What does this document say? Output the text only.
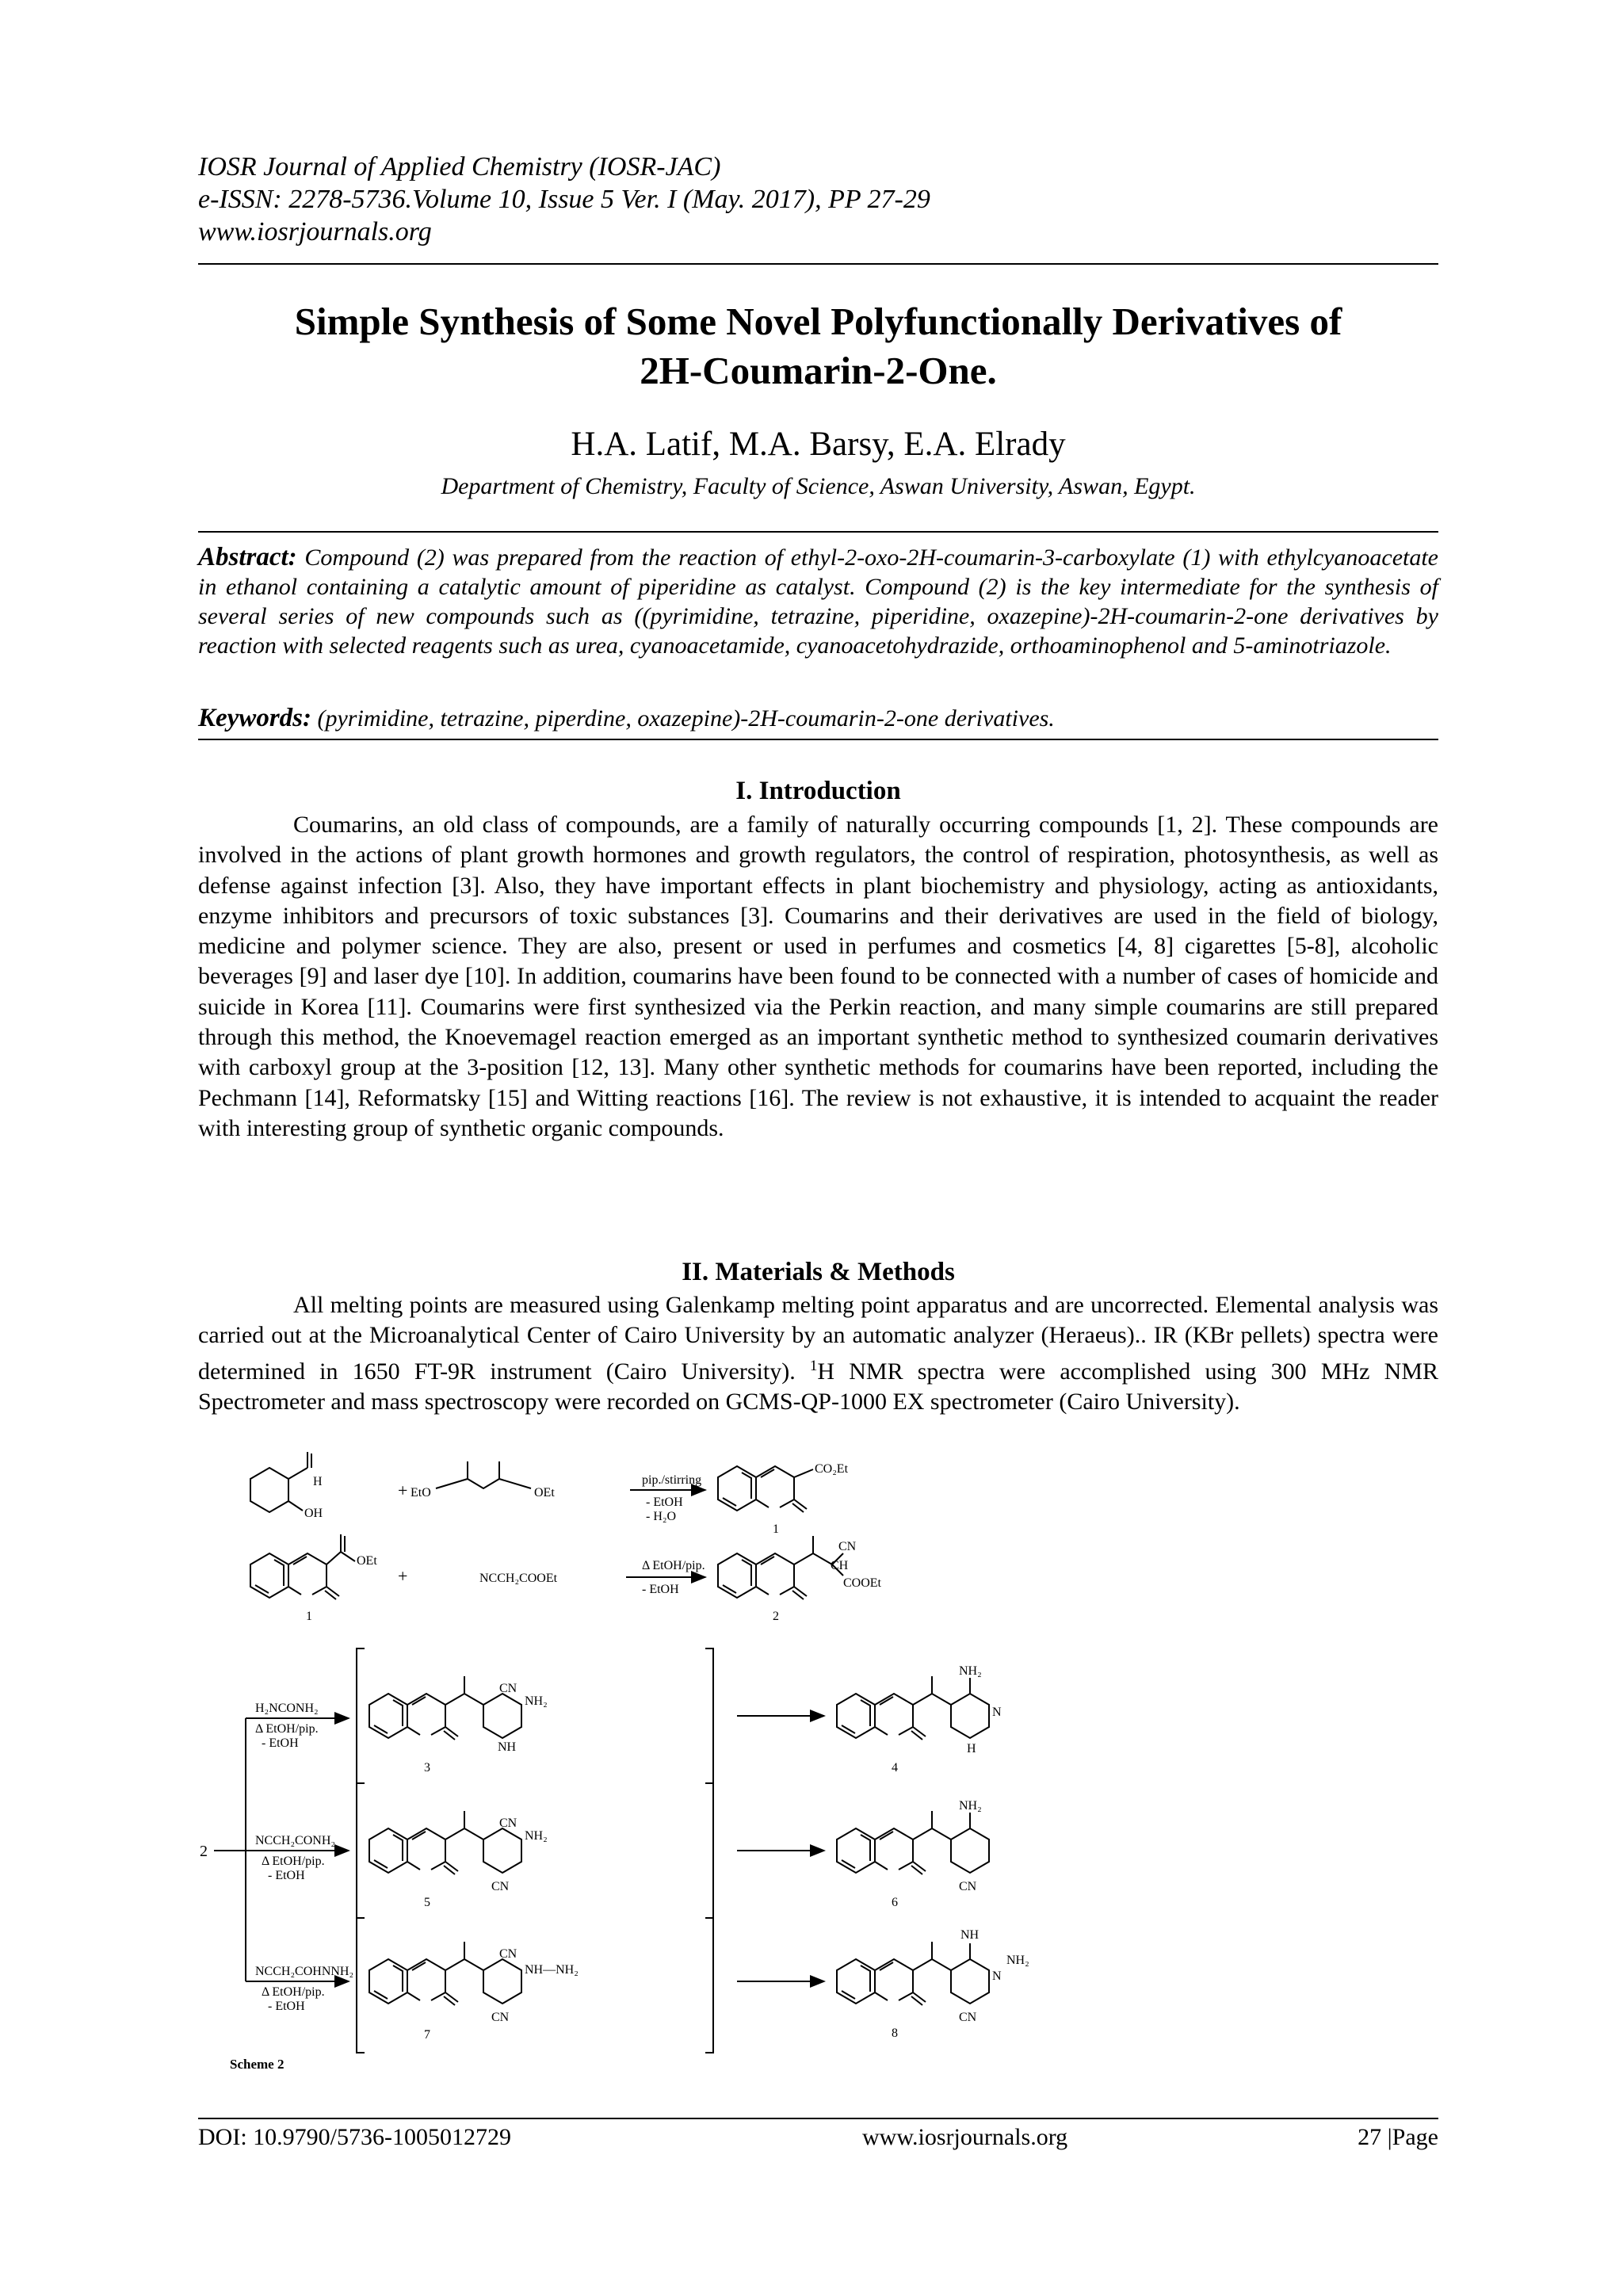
IOSR Journal of Applied Chemistry (IOSR-JAC)
e-ISSN: 2278-5736.Volume 10, Issue 5 Ver. I (May. 2017), PP 27-29
www.iosrjournals.org
Simple Synthesis of Some Novel Polyfunctionally Derivatives of
2H-Coumarin-2-One.
H.A. Latif, M.A. Barsy, E.A. Elrady
Department of Chemistry, Faculty of Science, Aswan University, Aswan, Egypt.
Abstract: Compound (2) was prepared from the reaction of ethyl-2-oxo-2H-coumarin-3-carboxylate (1) with ethylcyanoacetate in ethanol containing a catalytic amount of piperidine as catalyst. Compound (2) is the key intermediate for the synthesis of several series of new compounds such as ((pyrimidine, tetrazine, piperidine, oxazepine)-2H-coumarin-2-one derivatives by reaction with selected reagents such as urea, cyanoacetamide, cyanoacetohydrazide, orthoaminophenol and 5-aminotriazole.
Keywords: (pyrimidine, tetrazine, piperdine, oxazepine)-2H-coumarin-2-one derivatives.
I. Introduction
Coumarins, an old class of compounds, are a family of naturally occurring compounds [1, 2]. These compounds are involved in the actions of plant growth hormones and growth regulators, the control of respiration, photosynthesis, as well as defense against infection [3]. Also, they have important effects in plant biochemistry and physiology, acting as antioxidants, enzyme inhibitors and precursors of toxic substances [3]. Coumarins and their derivatives are used in the field of biology, medicine and polymer science. They are also, present or used in perfumes and cosmetics [4, 8] cigarettes [5-8], alcoholic beverages [9] and laser dye [10]. In addition, coumarins have been found to be connected with a number of cases of homicide and suicide in Korea [11]. Coumarins were first synthesized via the Perkin reaction, and many simple coumarins are still prepared through this method, the Knoevemagel reaction emerged as an important synthetic method to synthesized coumarin derivatives with carboxyl group at the 3-position [12, 13]. Many other synthetic methods for coumarins have been reported, including the Pechmann [14], Reformatsky [15] and Witting reactions [16]. The review is not exhaustive, it is intended to acquaint the reader with interesting group of synthetic organic compounds.
II. Materials & Methods
All melting points are measured using Galenkamp melting point apparatus and are uncorrected. Elemental analysis was carried out at the Microanalytical Center of Cairo University by an automatic analyzer (Heraeus).. IR (KBr pellets) spectra were determined in 1650 FT-9R instrument (Cairo University). $^1$H NMR spectra were accomplished using 300 MHz NMR Spectrometer and mass spectroscopy were recorded on GCMS-QP-1000 EX spectrometer (Cairo University).
DOI: 10.9790/5736-1005012729	www.iosrjournals.org	27 |Page
H
OH
+ EtO	OEt
pip./stirring
- EtOH
- H₂O
CO₂Et
1
OEt
1
+	NCCH₂COOEt
Δ EtOH/pip.
- EtOH
CN
CH
COOEt
2
2
H₂NCONH₂
Δ EtOH/pip.
- EtOH
CN
NH₂
NH
3
NH₂
N
H
4
NCCH₂CONH₂
Δ EtOH/pip.
- EtOH
CN
NH₂
CN
5
NH₂
CN
6
NCCH₂COHNNH₂
Δ EtOH/pip.
- EtOH
CN
NH—NH₂
CN
7
NH
N
NH₂
CN
8
Scheme 2
